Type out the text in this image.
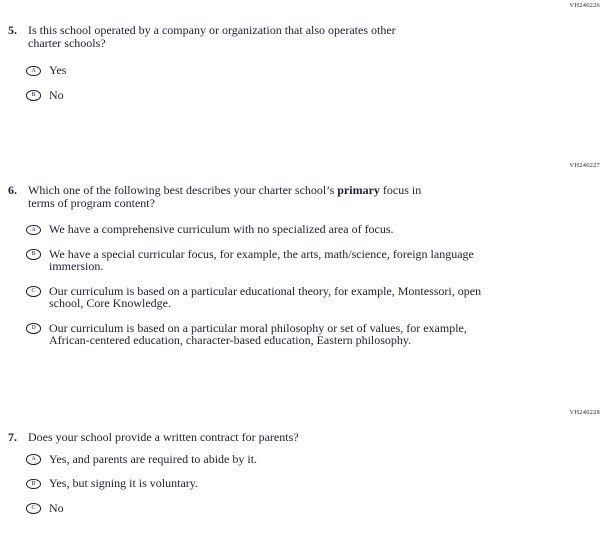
VH240226
5. Is this school operated by a company or organization that also operates other
charter schools?
A Yes
B No
VH240227
6. Which one of the following best describes your charter school’s primary focus in
terms of program content?
A We have a comprehensive curriculum with no specialized area of focus.
B We have a special curricular focus, for example, the arts, math/science, foreign language
immersion.
C Our curriculum is based on a particular educational theory, for example, Montessori, open
school, Core Knowledge.
D Our curriculum is based on a particular moral philosophy or set of values, for example,
African-centered education, character-based education, Eastern philosophy.
VH240228
7. Does your school provide a written contract for parents?
A Yes, and parents are required to abide by it.
B Yes, but signing it is voluntary.
C No
